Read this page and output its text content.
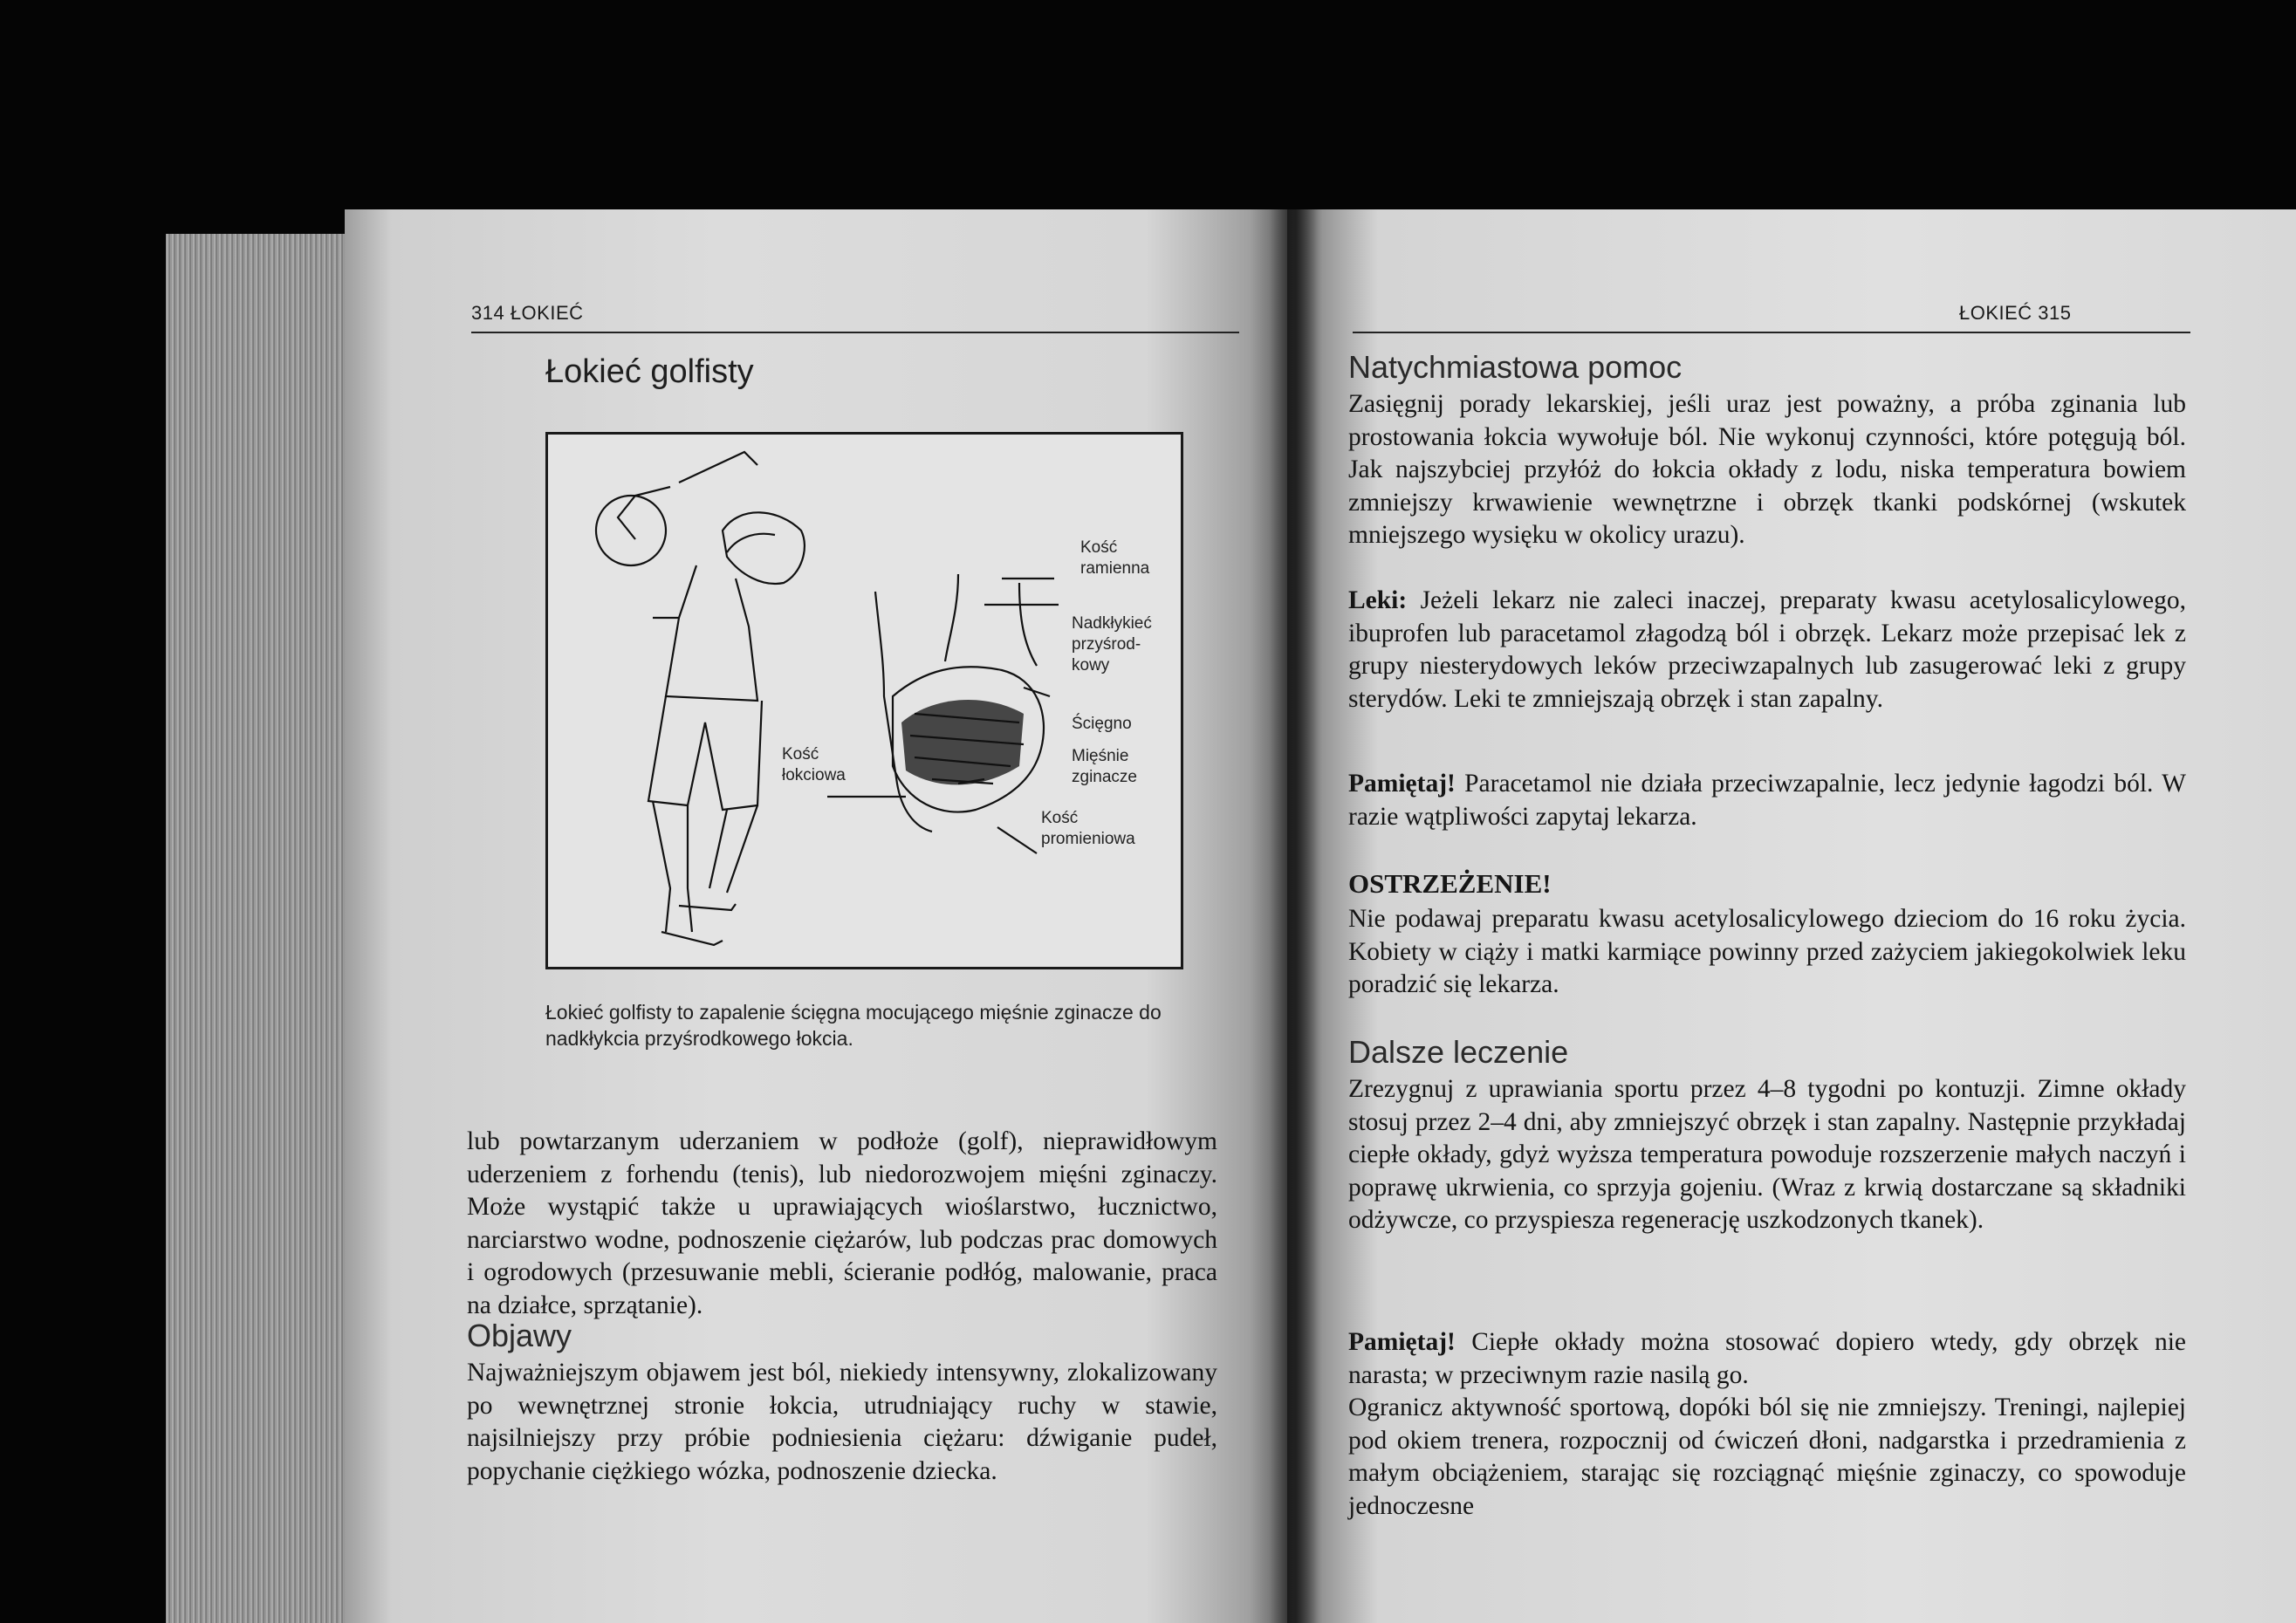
314 ŁOKIEĆ
Łokieć golfisty
Kość
ramienna
Nadkłykieć
przyśrod-
kowy
Ścięgno
Mięśnie
zginacze
Kość
łokciowa
Kość
promieniowa
Łokieć golfisty to zapalenie ścięgna mocującego mięśnie zginacze do nadkłykcia przyśrodkowego łokcia.
lub powtarzanym uderzaniem w podłoże (golf), nieprawidłowym uderzeniem z forhendu (tenis), lub niedorozwojem mięśni zginaczy. Może wystąpić także u uprawiających wioślarstwo, łucznictwo, narciarstwo wodne, podnoszenie ciężarów, lub podczas prac domowych i ogrodowych (przesuwanie mebli, ścieranie podłóg, malowanie, praca na działce, sprzątanie).
Objawy
Najważniejszym objawem jest ból, niekiedy intensywny, zlokalizowany po wewnętrznej stronie łokcia, utrudniający ruchy w stawie, najsilniejszy przy próbie podniesienia ciężaru: dźwiganie pudeł, popychanie ciężkiego wózka, podnoszenie dziecka.
ŁOKIEĆ 315
Natychmiastowa pomoc
Zasięgnij porady lekarskiej, jeśli uraz jest poważny, a próba zginania lub prostowania łokcia wywołuje ból. Nie wykonuj czynności, które potęgują ból. Jak najszybciej przyłóż do łokcia okłady z lodu, niska temperatura bowiem zmniejszy krwawienie wewnętrzne i obrzęk tkanki podskórnej (wskutek mniejszego wysięku w okolicy urazu).
Leki: Jeżeli lekarz nie zaleci inaczej, preparaty kwasu acetylosalicylowego, ibuprofen lub paracetamol złagodzą ból i obrzęk. Lekarz może przepisać lek z grupy niesterydowych leków przeciwzapalnych lub zasugerować leki z grupy sterydów. Leki te zmniejszają obrzęk i stan zapalny.
Pamiętaj! Paracetamol nie działa przeciwzapalnie, lecz jedynie łagodzi ból. W razie wątpliwości zapytaj lekarza.
OSTRZEŻENIE!
Nie podawaj preparatu kwasu acetylosalicylowego dzieciom do 16 roku życia. Kobiety w ciąży i matki karmiące powinny przed zażyciem jakiegokolwiek leku poradzić się lekarza.
Dalsze leczenie
Zrezygnuj z uprawiania sportu przez 4–8 tygodni po kontuzji. Zimne okłady stosuj przez 2–4 dni, aby zmniejszyć obrzęk i stan zapalny. Następnie przykładaj ciepłe okłady, gdyż wyższa temperatura powoduje rozszerzenie małych naczyń i poprawę ukrwienia, co sprzyja gojeniu. (Wraz z krwią dostarczane są składniki odżywcze, co przyspiesza regenerację uszkodzonych tkanek).
Pamiętaj! Ciepłe okłady można stosować dopiero wtedy, gdy obrzęk nie narasta; w przeciwnym razie nasilą go.
Ogranicz aktywność sportową, dopóki ból się nie zmniejszy. Treningi, najlepiej pod okiem trenera, rozpocznij od ćwiczeń dłoni, nadgarstka i przedramienia z małym obciążeniem, starając się rozciągnąć mięśnie zginaczy, co spowoduje jednoczesne
